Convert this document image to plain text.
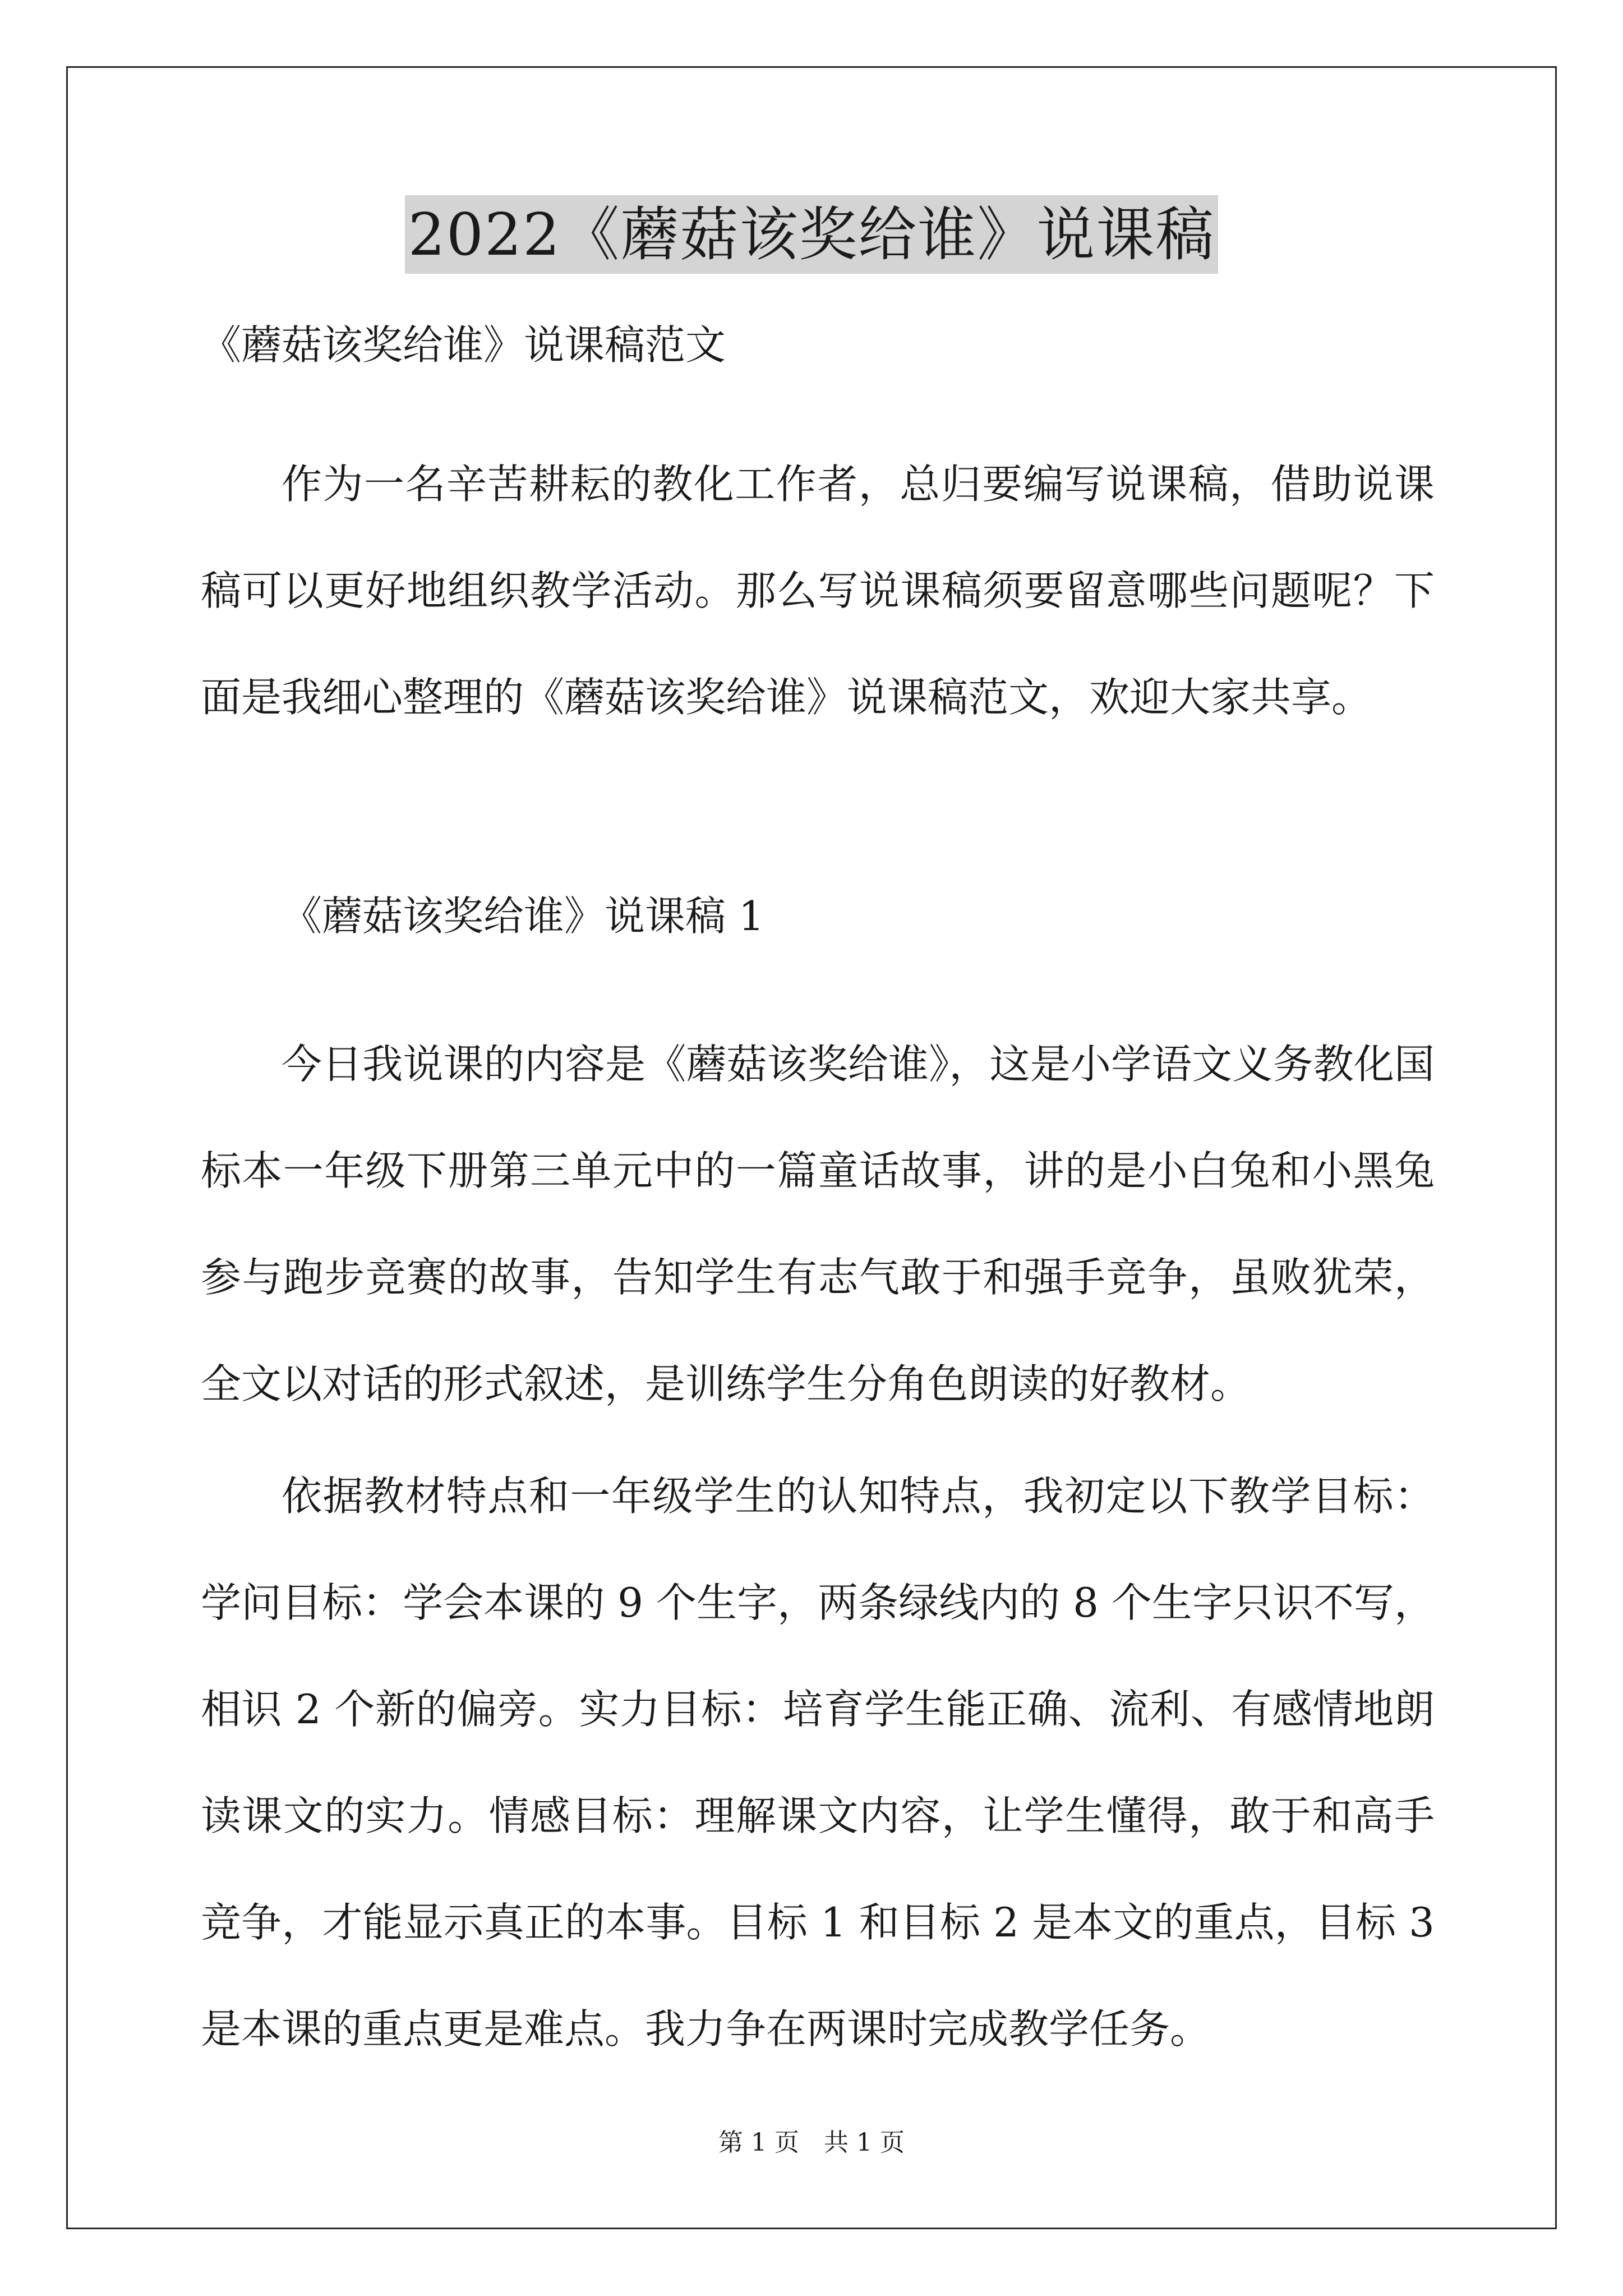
2022《蘑菇该奖给谁》说课稿

《蘑菇该奖给谁》说课稿范文

作为一名辛苦耕耘的教化工作者，总归要编写说课稿，借助说课稿可以更好地组织教学活动。那么写说课稿须要留意哪些问题呢？下面是我细心整理的《蘑菇该奖给谁》说课稿范文，欢迎大家共享。

《蘑菇该奖给谁》说课稿 1

今日我说课的内容是《蘑菇该奖给谁》，这是小学语文义务教化国标本一年级下册第三单元中的一篇童话故事，讲的是小白兔和小黑兔参与跑步竞赛的故事，告知学生有志气敢于和强手竞争，虽败犹荣，全文以对话的形式叙述，是训练学生分角色朗读的好教材。

依据教材特点和一年级学生的认知特点，我初定以下教学目标：学问目标：学会本课的 9 个生字，两条绿线内的 8 个生字只识不写，相识 2 个新的偏旁。实力目标：培育学生能正确、流利、有感情地朗读课文的实力。情感目标：理解课文内容，让学生懂得，敢于和高手竞争，才能显示真正的本事。目标 1 和目标 2 是本文的重点，目标 3 是本课的重点更是难点。我力争在两课时完成教学任务。

第 1 页　共 1 页
